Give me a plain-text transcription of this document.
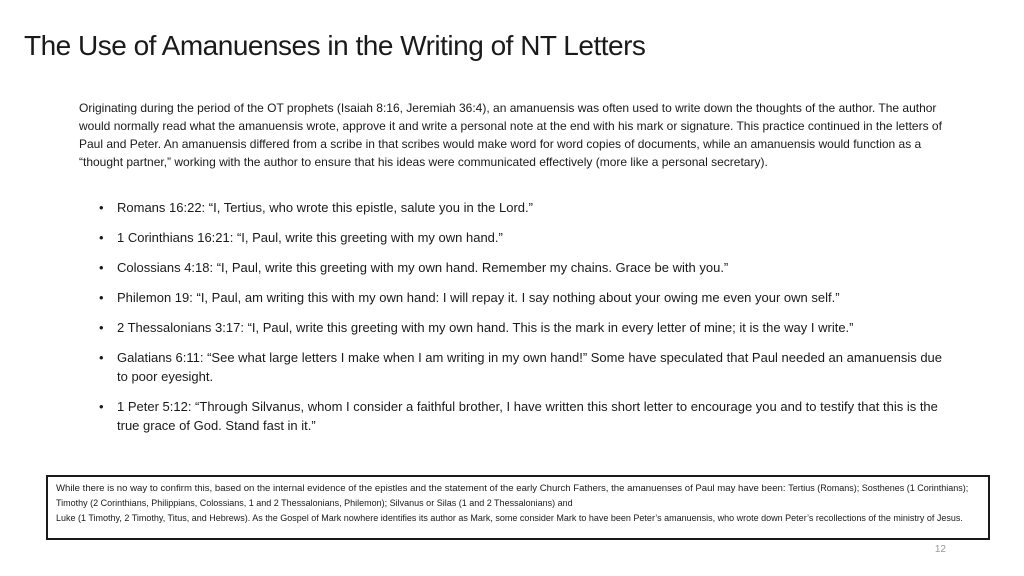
The Use of Amanuenses in the Writing of NT Letters
Originating during the period of the OT prophets (Isaiah 8:16, Jeremiah 36:4), an amanuensis was often used to write down the thoughts of the author. The author would normally read what the amanuensis wrote, approve it and write a personal note at the end with his mark or signature. This practice continued in the letters of Paul and Peter. An amanuensis differed from a scribe in that scribes would make word for word copies of documents, while an amanuensis would function as a “thought partner,” working with the author to ensure that his ideas were communicated effectively (more like a personal secretary).
• Romans 16:22: “I, Tertius, who wrote this epistle, salute you in the Lord.”
• 1 Corinthians 16:21: “I, Paul, write this greeting with my own hand.”
• Colossians 4:18: “I, Paul, write this greeting with my own hand. Remember my chains. Grace be with you.”
• Philemon 19: “I, Paul, am writing this with my own hand: I will repay it. I say nothing about your owing me even your own self.”
• 2 Thessalonians 3:17: “I, Paul, write this greeting with my own hand. This is the mark in every letter of mine; it is the way I write.”
• Galatians 6:11: “See what large letters I make when I am writing in my own hand!” Some have speculated that Paul needed an amanuensis due to poor eyesight.
• 1 Peter 5:12: “Through Silvanus, whom I consider a faithful brother, I have written this short letter to encourage you and to testify that this is the true grace of God. Stand fast in it.”
While there is no way to confirm this, based on the internal evidence of the epistles and the statement of the early Church Fathers, the amanuenses of Paul may have been: Tertius (Romans); Sosthenes (1 Corinthians); Timothy (2 Corinthians, Philippians, Colossians, 1 and 2 Thessalonians, Philemon); Silvanus or Silas (1 and 2 Thessalonians) and
Luke (1 Timothy, 2 Timothy, Titus, and Hebrews). As the Gospel of Mark nowhere identifies its author as Mark, some consider Mark to have been Peter’s amanuensis, who wrote down Peter’s recollections of the ministry of Jesus.
12
